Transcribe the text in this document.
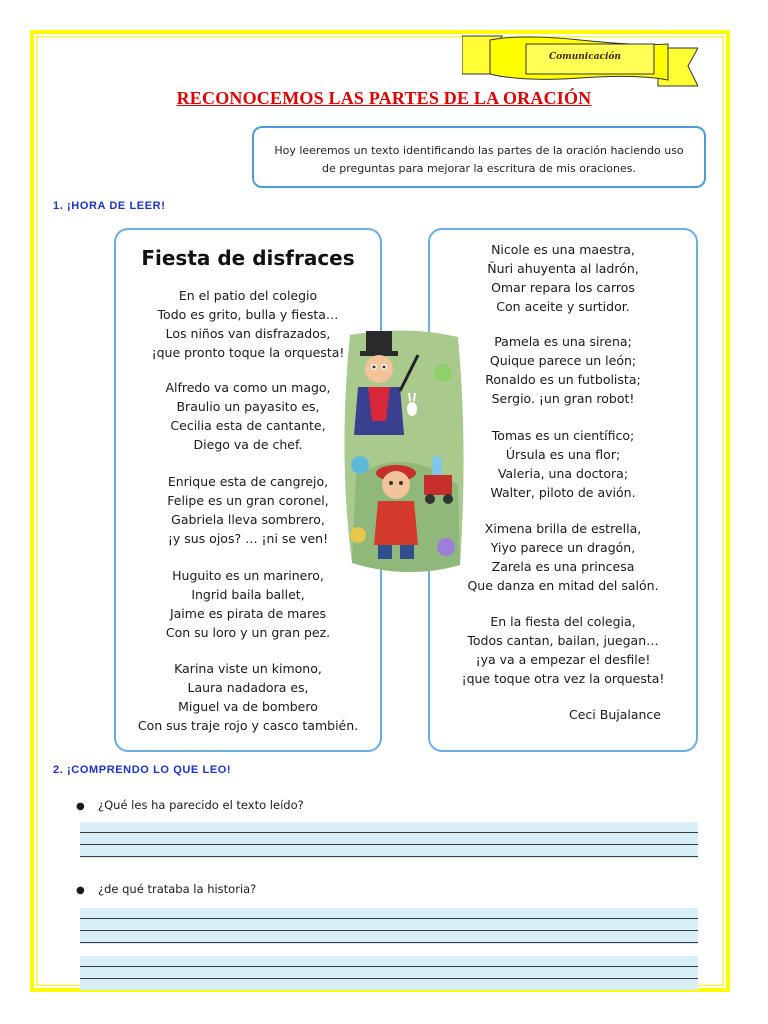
Comunicación
RECONOCEMOS LAS PARTES DE LA ORACIÓN
Hoy leeremos un texto identificando las partes de la oración haciendo uso de preguntas para mejorar la escritura de mis oraciones.
1. ¡HORA DE LEER!
Fiesta de disfraces
En el patio del colegio
Todo es grito, bulla y fiesta…
Los niños van disfrazados,
¡que pronto toque la orquesta!
Alfredo va como un mago,
Braulio un payasito es,
Cecilia esta de cantante,
Diego va de chef.
Enrique esta de cangrejo,
Felipe es un gran coronel,
Gabriela lleva sombrero,
¡y sus ojos? … ¡ni se ven!
Huguito es un marinero,
Ingrid baila ballet,
Jaime es pirata de mares
Con su loro y un gran pez.
Karina viste un kimono,
Laura nadadora es,
Miguel va de bombero
Con sus traje rojo y casco también.
Nicole es una maestra,
Ñuri ahuyenta al ladrón,
Omar repara los carros
Con aceite y surtidor.
Pamela es una sirena;
Quique parece un león;
Ronaldo es un futbolista;
Sergio. ¡un gran robot!
Tomas es un científico;
Úrsula es una flor;
Valeria, una doctora;
Walter, piloto de avión.
Ximena brilla de estrella,
Yiyo parece un dragón,
Zarela es una princesa
Que danza en mitad del salón.
En la fiesta del colegia,
Todos cantan, bailan, juegan…
¡ya va a empezar el desfile!
¡que toque otra vez la orquesta!
Ceci Bujalance
2. ¡COMPRENDO LO QUE LEO!
● ¿Qué les ha parecido el texto leído?
● ¿de qué trataba la historia?
